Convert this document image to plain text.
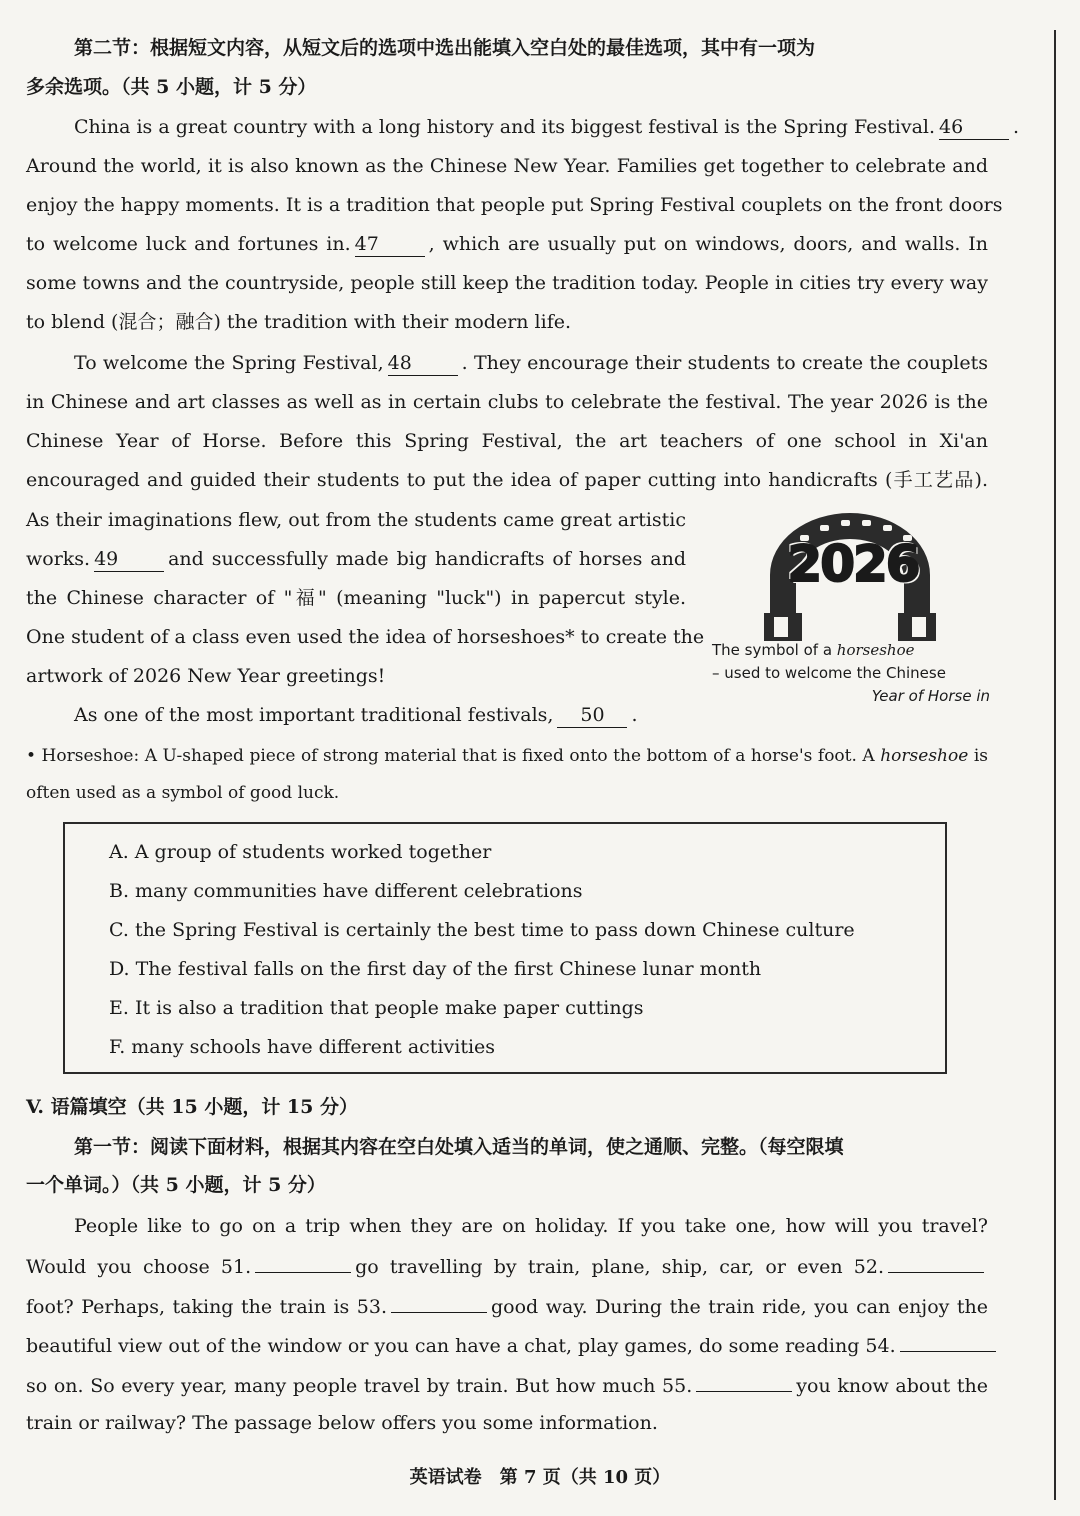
第二节：根据短文内容，从短文后的选项中选出能填入空白处的最佳选项，其中有一项为
多余选项。（共 5 小题，计 5 分）
China is a great country with a long history and its biggest festival is the Spring Festival. 46	.
Around the world, it is also known as the Chinese New Year. Families get together to celebrate and
enjoy the happy moments. It is a tradition that people put Spring Festival couplets on the front doors
to welcome luck and fortunes in. 47	, which are usually put on windows, doors, and walls. In
some towns and the countryside, people still keep the tradition today. People in cities try every way
to blend (混合；融合) the tradition with their modern life.
To welcome the Spring Festival, 48	. They encourage their students to create the couplets
in Chinese and art classes as well as in certain clubs to celebrate the festival. The year 2026 is the
Chinese Year of Horse. Before this Spring Festival, the art teachers of one school in Xi'an
encouraged and guided their students to put the idea of paper cutting into handicrafts (手工艺品).
As their imaginations flew, out from the students came great artistic
works. 49	and successfully made big handicrafts of horses and
the Chinese character of "福" (meaning "luck") in papercut style.
One student of a class even used the idea of horseshoes* to create the
artwork of 2026 New Year greetings!
2026
The symbol of a horseshoe
– used to welcome the Chinese
Year of Horse in
As one of the most important traditional festivals, 50 .
• Horseshoe: A U-shaped piece of strong material that is fixed onto the bottom of a horse's foot. A horseshoe is
often used as a symbol of good luck.
A. A group of students worked together
B. many communities have different celebrations
C. the Spring Festival is certainly the best time to pass down Chinese culture
D. The festival falls on the first day of the first Chinese lunar month
E. It is also a tradition that people make paper cuttings
F. many schools have different activities
V. 语篇填空（共 15 小题，计 15 分）
第一节：阅读下面材料，根据其内容在空白处填入适当的单词，使之通顺、完整。（每空限填
一个单词。）（共 5 小题，计 5 分）
People like to go on a trip when they are on holiday. If you take one, how will you travel?
Would you choose 51.	go travelling by train, plane, ship, car, or even 52.
foot? Perhaps, taking the train is 53.	good way. During the train ride, you can enjoy the
beautiful view out of the window or you can have a chat, play games, do some reading 54.
so on. So every year, many people travel by train. But how much 55.	you know about the
train or railway? The passage below offers you some information.
英语试卷　第 7 页（共 10 页）
